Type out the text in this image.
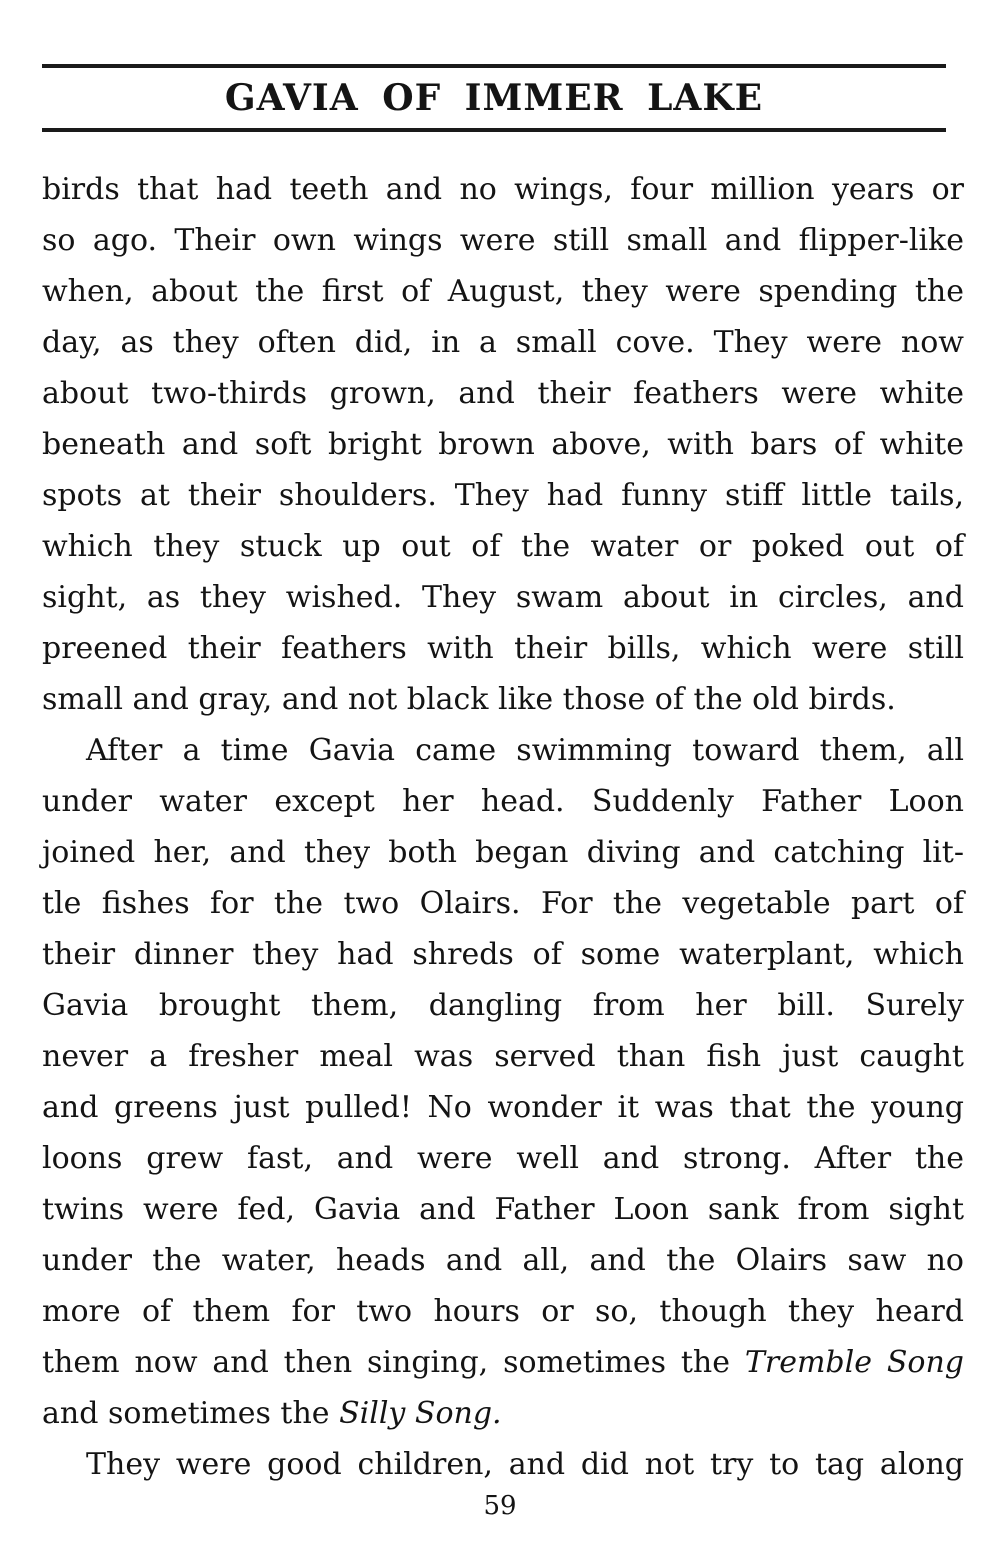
GAVIA OF IMMER LAKE
birds that had teeth and no wings, four million years or
so ago. Their own wings were still small and flipper-like
when, about the first of August, they were spending the
day, as they often did, in a small cove. They were now
about two-thirds grown, and their feathers were white
beneath and soft bright brown above, with bars of white
spots at their shoulders. They had funny stiff little tails,
which they stuck up out of the water or poked out of
sight, as they wished. They swam about in circles, and
preened their feathers with their bills, which were still
small and gray, and not black like those of the old birds.
After a time Gavia came swimming toward them, all
under water except her head. Suddenly Father Loon
joined her, and they both began diving and catching lit-
tle fishes for the two Olairs. For the vegetable part of
their dinner they had shreds of some waterplant, which
Gavia brought them, dangling from her bill. Surely
never a fresher meal was served than fish just caught
and greens just pulled! No wonder it was that the young
loons grew fast, and were well and strong. After the
twins were fed, Gavia and Father Loon sank from sight
under the water, heads and all, and the Olairs saw no
more of them for two hours or so, though they heard
them now and then singing, sometimes the Tremble Song
and sometimes the Silly Song.
They were good children, and did not try to tag along
59
